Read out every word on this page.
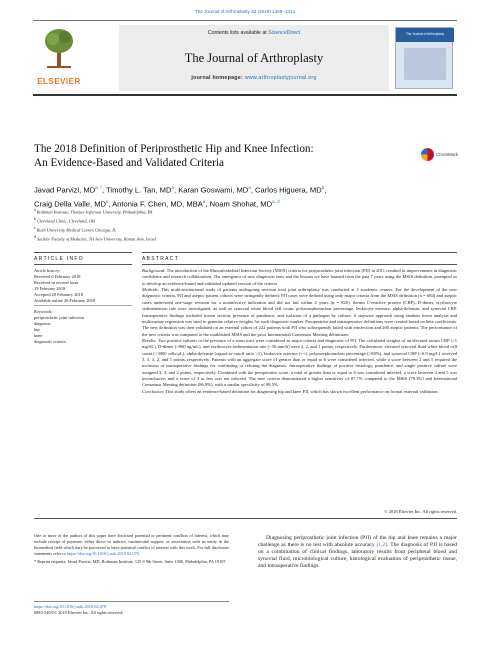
The Journal of Arthroplasty 33 (2018) 1309–1314
ELSEVIER
Contents lists available at ScienceDirect
The Journal of Arthroplasty
journal homepage: www.arthroplastyjournal.org
The Journal of Arthroplasty
The 2018 Definition of Periprosthetic Hip and Knee Infection:
An Evidence-Based and Validated Criteria
CrossMark
Javad Parvizi, $MD^{a, *}$, Timothy L. Tan, $MD^a$, Karan Goswami, $MD^a$, Carlos Higuera, $MD^b$,
Craig Della Valle, $MD^c$, Antonia F. Chen, MD, MBA$^a$, Noam Shohat, MD$^{a, d}$
$^a$ Rothman Institute, Thomas Jefferson University, Philadelphia, PA
$^b$ Cleveland Clinic, Cleveland, OH
$^c$ Rush University Medical Center, Chicago, IL
$^d$ Sackler Faculty of Medicine, Tel Aviv University, Ramat Aviv, Israel
ARTICLE INFO	ABSTRACT
Article history:
Received 6 February 2018
Received in revised form
19 February 2018
Accepted 20 February 2018
Available online 26 February 2018
Keywords:
periprosthetic joint infection
diagnosis
hip
knee
diagnostic criteria

Background: The introduction of the Musculoskeletal Infection Society (MSIS) criteria for periprosthetic joint infection (PJI) in 2011 resulted in improvements in diagnostic confidence and research collaboration. The emergence of new diagnostic tests and the lessons we have learned from the past 7 years using the MSIS definition, prompted us to develop an evidence-based and validated updated version of the criteria.

Methods: This multi-institutional study of patients undergoing revision total joint arthroplasty was conducted at 3 academic centers. For the development of the new diagnostic criteria, PJI and aseptic patient cohorts were stringently defined: PJI cases were defined using only major criteria from the MSIS definition (n = 684) and aseptic cases underwent one-stage revision for a noninfective indication and did not fail within 2 years (n = 820). Serum C-reactive protein (CRP), D-dimer, erythrocyte sedimentation rate were investigated, as well as synovial white blood cell count, polymorphonuclear percentage, leukocyte esterase, alpha-defensin, and synovial CRP. Intraoperative findings included frozen section, presence of purulence, and isolation of a pathogen by culture. A stepwise approach using random forest analysis and multivariate regression was used to generate relative weights for each diagnostic marker. Preoperative and intraoperative definitions were created based on beta coefficients. The new definition was then validated on an external cohort of 222 patients with PJI who subsequently failed with reinfection and 200 aseptic patients. The performance of the new criteria was compared to the established MSIS and the prior International Consensus Meeting definitions.

Results: Two positive cultures or the presence of a sinus tract were considered as major criteria and diagnostic of PJI. The calculated weights of an elevated serum CRP (>1 mg/dL), D-dimer (>860 ng/mL), and erythrocyte sedimentation rate (>30 mm/h) were 2, 2, and 1 points, respectively. Furthermore, elevated synovial fluid white blood cell count (>3000 cells/μL), alpha-defensin (signal-to-cutoff ratio >1), leukocyte esterase (++), polymorphonuclear percentage (>80%), and synovial CRP (>6.9 mg/L) received 3, 3, 3, 2, and 1 points, respectively. Patients with an aggregate score of greater than or equal to 6 were considered infected, while a score between 2 and 5 required the inclusion of intraoperative findings for confirming or refuting the diagnosis. Intraoperative findings of positive histology, purulence, and single positive culture were assigned 3, 3, and 2 points, respectively. Combined with the preoperative score, a total of greater than or equal to 6 was considered infected, a score between 4 and 5 was inconclusive, and a score of 3 or less was not infected. The new criteria demonstrated a higher sensitivity of 97.7% compared to the MSIS (79.3%) and International Consensus Meeting definition (86.9%), with a similar specificity of 99.5%.

Conclusion: This study offers an evidence-based definition for diagnosing hip and knee PJI, which has shown excellent performance on formal external validation.

© 2018 Elsevier Inc. All rights reserved.

One or more of the authors of this paper have disclosed potential or pertinent conflicts of interest, which may include receipt of payment, either direct or indirect, institutional support, or association with an entity in the biomedical field which may be perceived to have potential conflict of interest with this work. For full disclosure statements refer to https://doi.org/10.1016/j.arth.2018.02.078.

* Reprint requests: Javad Parvizi, MD, Rothman Institute, 125 S 9th Street, Suite 1000, Philadelphia, PA 19107.

https://doi.org/10.1016/j.arth.2018.02.078
0883-5403/© 2018 Elsevier Inc. All rights reserved.
Diagnosing periprosthetic joint infection (PJI) of the hip and knee remains a major challenge as there is no test with absolute accuracy [1,2]. The diagnosis of PJI is based on a combination of clinical findings, laboratory results from peripheral blood and synovial fluid, microbiological culture, histological evaluation of periprosthetic tissue, and intraoperative findings.
